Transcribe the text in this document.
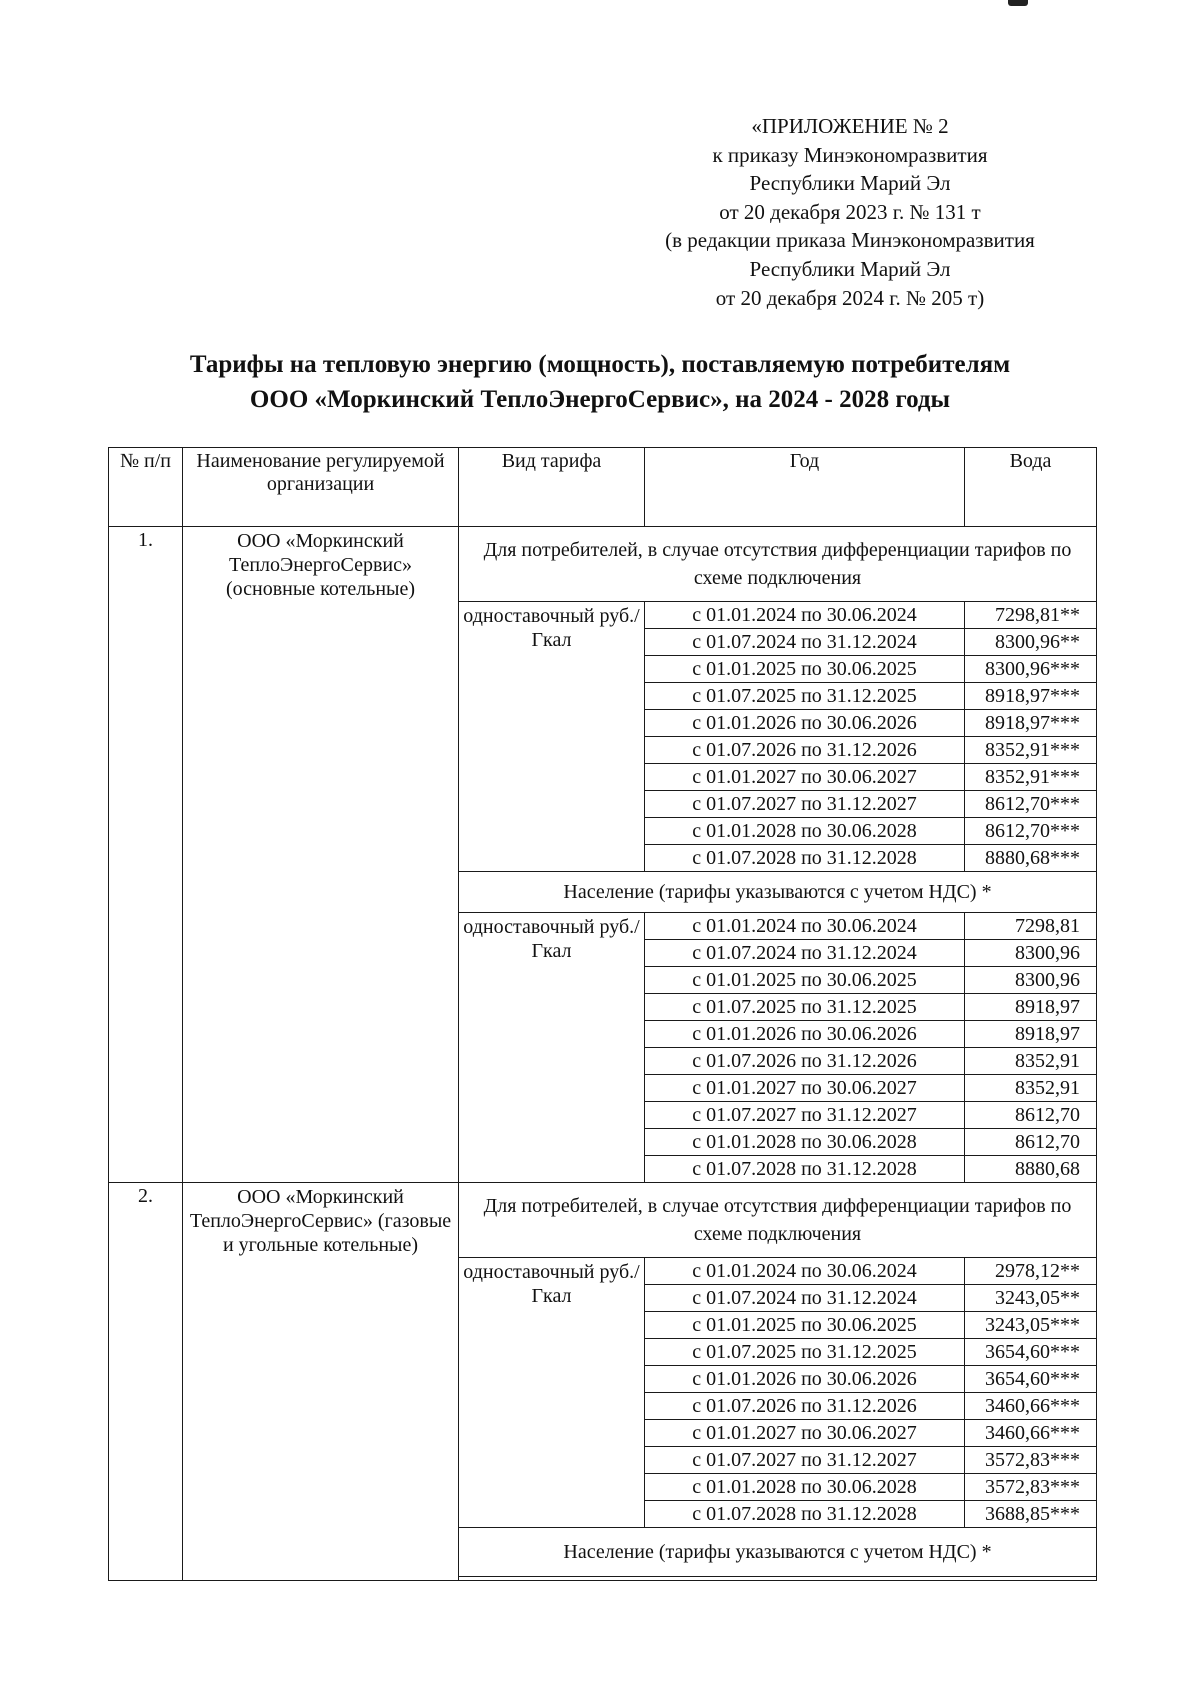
«ПРИЛОЖЕНИЕ № 2
к приказу Минэкономразвития
Республики Марий Эл
от 20 декабря 2023 г. № 131 т
(в редакции приказа Минэкономразвития
Республики Марий Эл
от 20 декабря 2024 г. № 205 т)
Тарифы на тепловую энергию (мощность), поставляемую потребителям
ООО «Моркинский ТеплоЭнергоСервис», на 2024 - 2028 годы
№ п/п	Наименование регулируемой организации	Вид тарифа	Год	Вода
1.	ООО «Моркинский ТеплоЭнергоСервис» (основные котельные)	Для потребителей, в случае отсутствия дифференциации тарифов по схеме подключения		
		одноставочный руб./Гкал	с 01.01.2024 по 30.06.2024	7298,81**
			с 01.07.2024 по 31.12.2024	8300,96**
			с 01.01.2025 по 30.06.2025	8300,96***
			с 01.07.2025 по 31.12.2025	8918,97***
			с 01.01.2026 по 30.06.2026	8918,97***
			с 01.07.2026 по 31.12.2026	8352,91***
			с 01.01.2027 по 30.06.2027	8352,91***
			с 01.07.2027 по 31.12.2027	8612,70***
			с 01.01.2028 по 30.06.2028	8612,70***
			с 01.07.2028 по 31.12.2028	8880,68***
		Население (тарифы указываются с учетом НДС) *		
		одноставочный руб./Гкал	с 01.01.2024 по 30.06.2024	7298,81
			с 01.07.2024 по 31.12.2024	8300,96
			с 01.01.2025 по 30.06.2025	8300,96
			с 01.07.2025 по 31.12.2025	8918,97
			с 01.01.2026 по 30.06.2026	8918,97
			с 01.07.2026 по 31.12.2026	8352,91
			с 01.01.2027 по 30.06.2027	8352,91
			с 01.07.2027 по 31.12.2027	8612,70
			с 01.01.2028 по 30.06.2028	8612,70
			с 01.07.2028 по 31.12.2028	8880,68
2.	ООО «Моркинский ТеплоЭнергоСервис» (газовые и угольные котельные)	Для потребителей, в случае отсутствия дифференциации тарифов по схеме подключения		
		одноставочный руб./Гкал	с 01.01.2024 по 30.06.2024	2978,12**
			с 01.07.2024 по 31.12.2024	3243,05**
			с 01.01.2025 по 30.06.2025	3243,05***
			с 01.07.2025 по 31.12.2025	3654,60***
			с 01.01.2026 по 30.06.2026	3654,60***
			с 01.07.2026 по 31.12.2026	3460,66***
			с 01.01.2027 по 30.06.2027	3460,66***
			с 01.07.2027 по 31.12.2027	3572,83***
			с 01.01.2028 по 30.06.2028	3572,83***
			с 01.07.2028 по 31.12.2028	3688,85***
		Население (тарифы указываются с учетом НДС) *		
